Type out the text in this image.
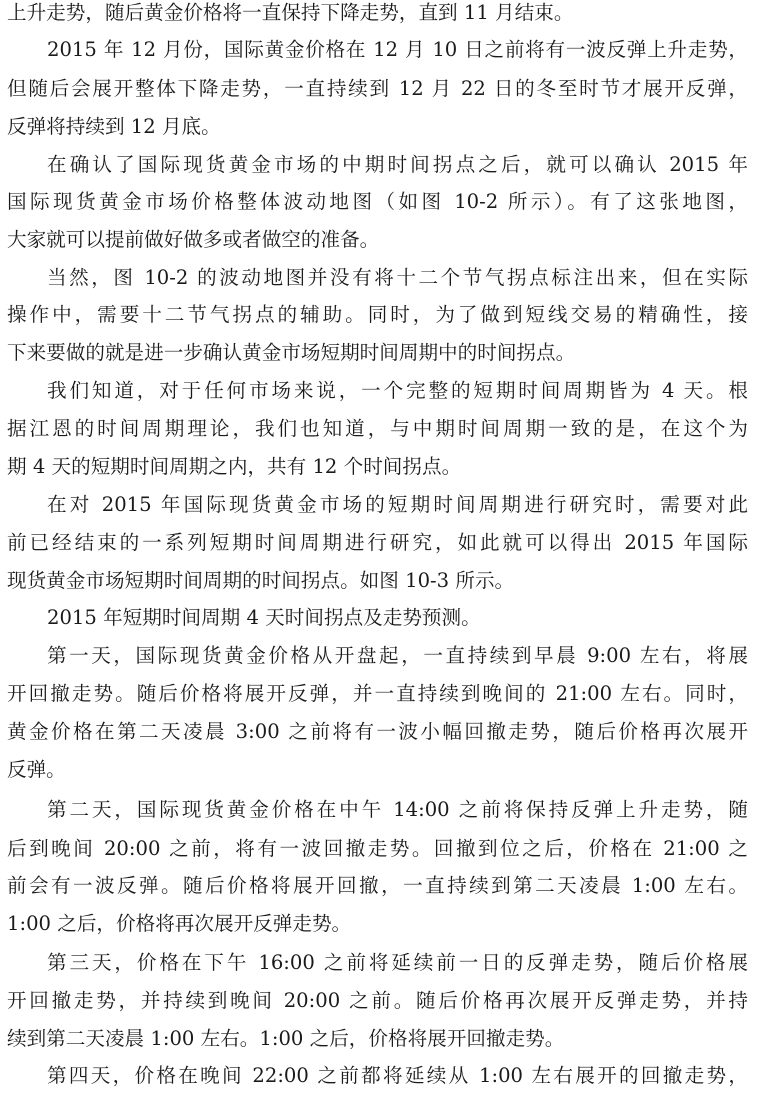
上升走势，随后黄金价格将一直保持下降走势，直到 11 月结束。
2015 年 12 月份，国际黄金价格在 12 月 10 日之前将有一波反弹上升走势，
但随后会展开整体下降走势，一直持续到 12 月 22 日的冬至时节才展开反弹，
反弹将持续到 12 月底。
在确认了国际现货黄金市场的中期时间拐点之后，就可以确认 2015 年
国际现货黄金市场价格整体波动地图（如图 10-2 所示）。有了这张地图，
大家就可以提前做好做多或者做空的准备。
当然，图 10-2 的波动地图并没有将十二个节气拐点标注出来，但在实际
操作中，需要十二节气拐点的辅助。同时，为了做到短线交易的精确性，接
下来要做的就是进一步确认黄金市场短期时间周期中的时间拐点。
我们知道，对于任何市场来说，一个完整的短期时间周期皆为 4 天。根
据江恩的时间周期理论，我们也知道，与中期时间周期一致的是，在这个为
期 4 天的短期时间周期之内，共有 12 个时间拐点。
在对 2015 年国际现货黄金市场的短期时间周期进行研究时，需要对此
前已经结束的一系列短期时间周期进行研究，如此就可以得出 2015 年国际
现货黄金市场短期时间周期的时间拐点。如图 10-3 所示。
2015 年短期时间周期 4 天时间拐点及走势预测。
第一天，国际现货黄金价格从开盘起，一直持续到早晨 9:00 左右，将展
开回撤走势。随后价格将展开反弹，并一直持续到晚间的 21:00 左右。同时，
黄金价格在第二天凌晨 3:00 之前将有一波小幅回撤走势，随后价格再次展开
反弹。
第二天，国际现货黄金价格在中午 14:00 之前将保持反弹上升走势，随
后到晚间 20:00 之前，将有一波回撤走势。回撤到位之后，价格在 21:00 之
前会有一波反弹。随后价格将展开回撤，一直持续到第二天凌晨 1:00 左右。
1:00 之后，价格将再次展开反弹走势。
第三天，价格在下午 16:00 之前将延续前一日的反弹走势，随后价格展
开回撤走势，并持续到晚间 20:00 之前。随后价格再次展开反弹走势，并持
续到第二天凌晨 1:00 左右。1:00 之后，价格将展开回撤走势。
第四天，价格在晚间 22:00 之前都将延续从 1:00 左右展开的回撤走势，
